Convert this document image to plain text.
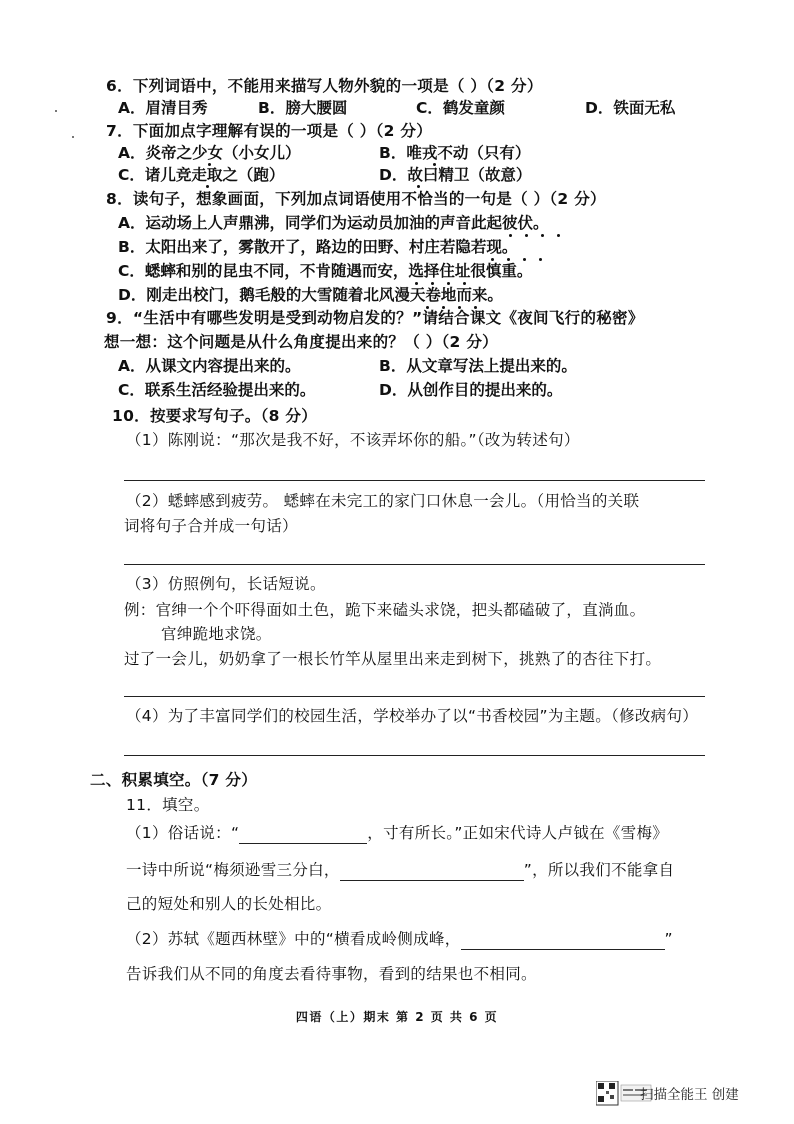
6．下列词语中，不能用来描写人物外貌的一项是（ ）（2 分）
A．眉清目秀	B．膀大腰圆	C．鹤发童颜	D．铁面无私
7．下面加点字理解有误的一项是（ ）（2 分）
A．炎帝之少女（小女儿）	B．唯戎不动（只有）
C．诸儿竞走取之（跑）	D．故曰精卫（故意）
8．读句子，想象画面，下列加点词语使用不恰当的一句是（ ）（2 分）
A．运动场上人声鼎沸，同学们为运动员加油的声音此起彼伏。
B．太阳出来了，雾散开了，路边的田野、村庄若隐若现。
C．蟋蟀和别的昆虫不同，不肯随遇而安，选择住址很慎重。
D．刚走出校门，鹅毛般的大雪随着北风漫天卷地而来。
9．“生活中有哪些发明是受到动物启发的？”请结合课文《夜间飞行的秘密》
想一想：这个问题是从什么角度提出来的？（ ）（2 分）
A．从课文内容提出来的。	B．从文章写法上提出来的。
C．联系生活经验提出来的。	D．从创作目的提出来的。
10．按要求写句子。（8 分）
（1）陈刚说：“那次是我不好，不该弄坏你的船。”（改为转述句）
（2）蟋蟀感到疲劳。 蟋蟀在未完工的家门口休息一会儿。（用恰当的关联
词将句子合并成一句话）
（3）仿照例句，长话短说。
例：官绅一个个吓得面如土色，跪下来磕头求饶，把头都磕破了，直淌血。
官绅跪地求饶。
过了一会儿，奶奶拿了一根长竹竿从屋里出来走到树下，挑熟了的杏往下打。
（4）为了丰富同学们的校园生活，学校举办了以“书香校园”为主题。（修改病句）
二、积累填空。（7 分）
11．填空。
（1）俗话说：“	，寸有所长。”正如宋代诗人卢钺在《雪梅》
一诗中所说“梅须逊雪三分白，	”，所以我们不能拿自
己的短处和别人的长处相比。
（2）苏轼《题西林壁》中的“横看成岭侧成峰，	”
告诉我们从不同的角度去看待事物，看到的结果也不相同。
四语（上）期末 第 2 页 共 6 页
扫描全能王 创建
